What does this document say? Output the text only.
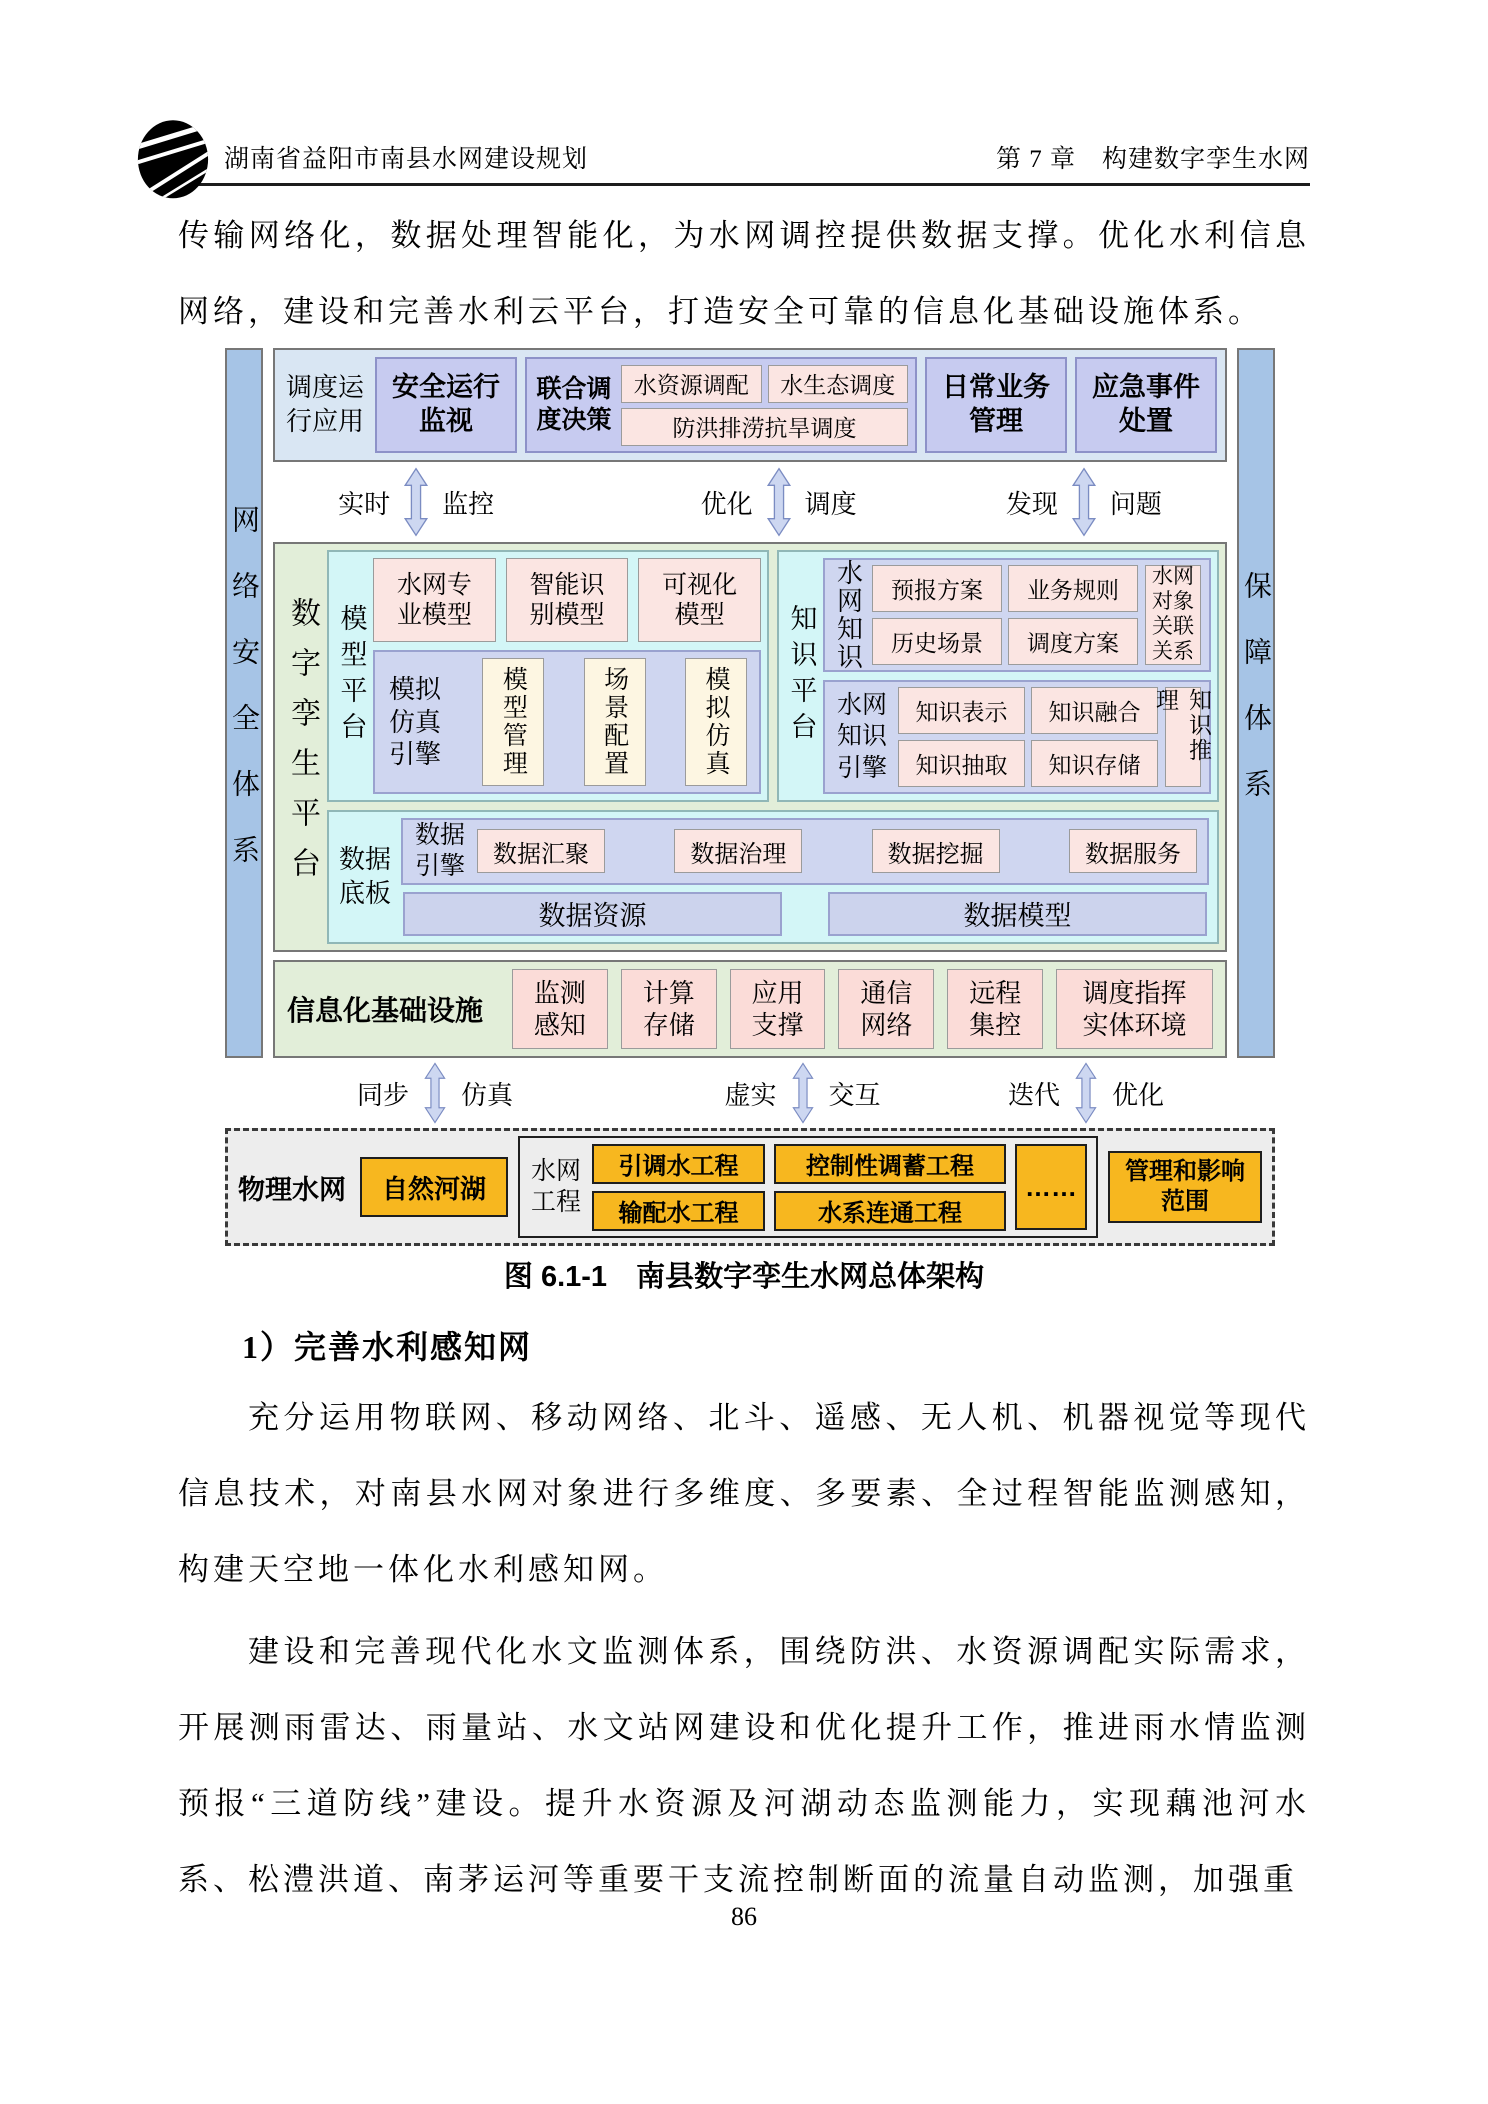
湖南省益阳市南县水网建设规划	第 7 章　构建数字孪生水网
传输网络化，数据处理智能化，为水网调控提供数据支撑。优化水利信息网络，建设和完善水利云平台，打造安全可靠的信息化基础设施体系。
网络安全体系
调度运行应用
安全运行监视
联合调度决策
水资源调配	水生态调度
防洪排涝抗旱调度
日常业务管理
应急事件处置
实时 监控	优化 调度	发现 问题
数字孪生平台 模型平台
水网专业模型
智能识别模型
可视化模型
模拟仿真引擎 模型管理	场景配置	模拟仿真 知识平台 水网知识	预报方案	业务规则
历史场景	调度方案
水网对象关联关系
水网知识引擎
知识表示	知识融合
知识抽取	知识存储
知识推理
数据底板
数据引擎	数据汇聚	数据治理	数据挖掘	数据服务
数据资源	数据模型
信息化基础设施
监测感知
计算存储
应用支撑
通信网络
远程集控
调度指挥实体环境
保障体系
同步 仿真	虚实 交互	迭代 优化
物理水网	自然河湖
水网工程
引调水工程	控制性调蓄工程
输配水工程	水系连通工程
……	管理和影响范围
图 6.1-1　南县数字孪生水网总体架构
1）完善水利感知网
充分运用物联网、移动网络、北斗、遥感、无人机、机器视觉等现代信息技术，对南县水网对象进行多维度、多要素、全过程智能监测感知，构建天空地一体化水利感知网。
建设和完善现代化水文监测体系，围绕防洪、水资源调配实际需求，开展测雨雷达、雨量站、水文站网建设和优化提升工作，推进雨水情监测预报“三道防线”建设。提升水资源及河湖动态监测能力，实现藕池河水系、松澧洪道、南茅运河等重要干支流控制断面的流量自动监测，加强重
86
